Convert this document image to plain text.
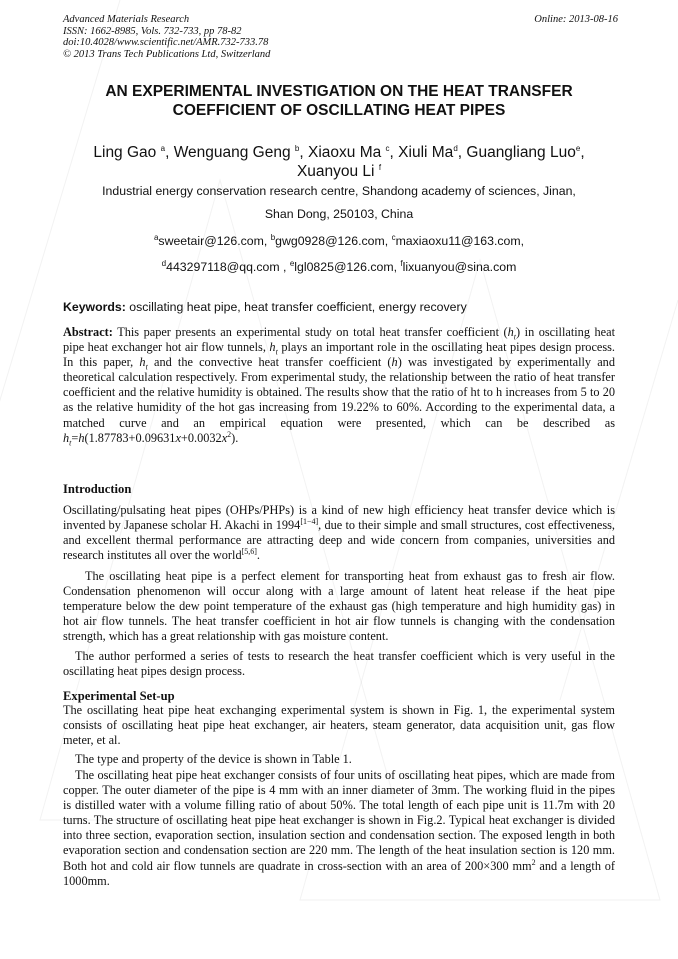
Advanced Materials Research
ISSN: 1662-8985, Vols. 732-733, pp 78-82
doi:10.4028/www.scientific.net/AMR.732-733.78
© 2013 Trans Tech Publications Ltd, Switzerland
Online: 2013-08-16
AN EXPERIMENTAL INVESTIGATION ON THE HEAT TRANSFER
COEFFICIENT OF OSCILLATING HEAT PIPES
Ling Gao $^a$, Wenguang Geng $^b$, Xiaoxu Ma $^c$, Xiuli Ma$^d$, Guangliang Luo$^e$,
Xuanyou Li $^f$
Industrial energy conservation research centre, Shandong academy of sciences, Jinan,
Shan Dong, 250103, China
$^a$sweetair@126.com, $^b$gwg0928@126.com, $^c$maxiaoxu11@163.com,
$^d$443297118@qq.com , $^e$lgl0825@126.com, $^f$lixuanyou@sina.com
Keywords: oscillating heat pipe, heat transfer coefficient, energy recovery
Abstract: This paper presents an experimental study on total heat transfer coefficient $(h_t)$ in oscillating heat pipe heat exchanger hot air flow tunnels, $h_t$ plays an important role in the oscillating heat pipes design process. In this paper, $h_t$ and the convective heat transfer coefficient (h) was investigated by experimentally and theoretical calculation respectively. From experimental study, the relationship between the ratio of heat transfer coefficient and the relative humidity is obtained. The results show that the ratio of ht to h increases from 5 to 20 as the relative humidity of the hot gas increasing from 19.22% to 60%. According to the experimental data, a matched curve and an empirical equation were presented, which can be described as $h_t=h(1.87783+0.09631x+0.0032x^2)$.
Introduction
Oscillating/pulsating heat pipes (OHPs/PHPs) is a kind of new high efficiency heat transfer device which is invented by Japanese scholar H. Akachi in 1994[1−4], due to their simple and small structures, cost effectiveness, and excellent thermal performance are attracting deep and wide concern from companies, universities and research institutes all over the world[5,6].
The oscillating heat pipe is a perfect element for transporting heat from exhaust gas to fresh air flow. Condensation phenomenon will occur along with a large amount of latent heat release if the heat pipe temperature below the dew point temperature of the exhaust gas (high temperature and high humidity gas) in hot air flow tunnels. The heat transfer coefficient in hot air flow tunnels is changing with the condensation strength, which has a great relationship with gas moisture content.
The author performed a series of tests to research the heat transfer coefficient which is very useful in the oscillating heat pipes design process.
Experimental Set-up
The oscillating heat pipe heat exchanging experimental system is shown in Fig. 1, the experimental system consists of oscillating heat pipe heat exchanger, air heaters, steam generator, data acquisition unit, gas flow meter, et al.
The type and property of the device is shown in Table 1.
The oscillating heat pipe heat exchanger consists of four units of oscillating heat pipes, which are made from copper. The outer diameter of the pipe is 4 mm with an inner diameter of 3mm. The working fluid in the pipes is distilled water with a volume filling ratio of about 50%. The total length of each pipe unit is 11.7m with 20 turns. The structure of oscillating heat pipe heat exchanger is shown in Fig.2. Typical heat exchanger is divided into three section, evaporation section, insulation section and condensation section. The exposed length in both evaporation section and condensation section are 220 mm. The length of the heat insulation section is 120 mm. Both hot and cold air flow tunnels are quadrate in cross-section with an area of 200×300 $mm^2$ and a length of 1000mm.
